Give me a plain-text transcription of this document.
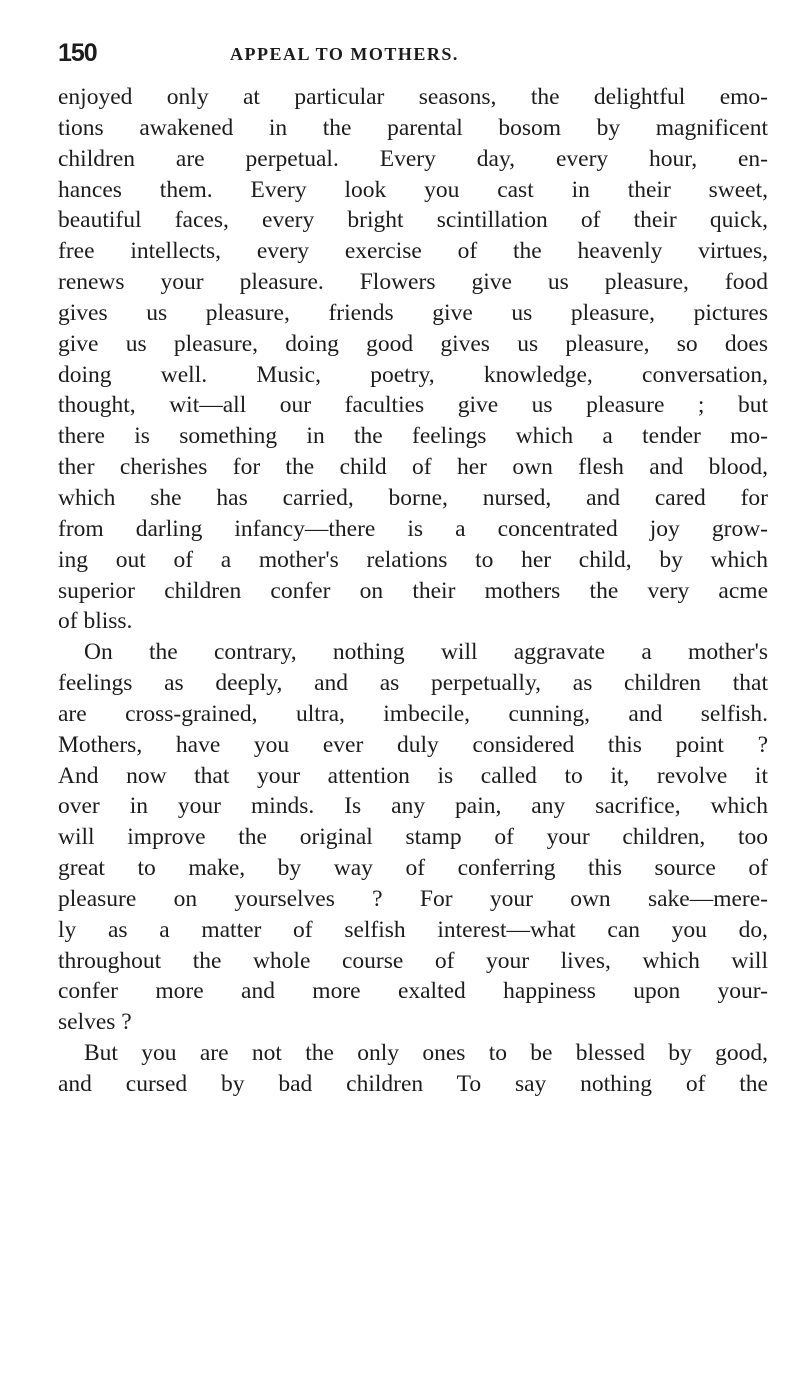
150	APPEAL TO MOTHERS.
enjoyed only at particular seasons, the delightful emo-
tions awakened in the parental bosom by magnificent
children are perpetual. Every day, every hour, en-
hances them. Every look you cast in their sweet,
beautiful faces, every bright scintillation of their quick,
free intellects, every exercise of the heavenly virtues,
renews your pleasure. Flowers give us pleasure, food
gives us pleasure, friends give us pleasure, pictures
give us pleasure, doing good gives us pleasure, so does
doing well. Music, poetry, knowledge, conversation,
thought, wit—all our faculties give us pleasure ; but
there is something in the feelings which a tender mo-
ther cherishes for the child of her own flesh and blood,
which she has carried, borne, nursed, and cared for
from darling infancy—there is a concentrated joy grow-
ing out of a mother's relations to her child, by which
superior children confer on their mothers the very acme
of bliss.
On the contrary, nothing will aggravate a mother's
feelings as deeply, and as perpetually, as children that
are cross-grained, ultra, imbecile, cunning, and selfish.
Mothers, have you ever duly considered this point ?
And now that your attention is called to it, revolve it
over in your minds. Is any pain, any sacrifice, which
will improve the original stamp of your children, too
great to make, by way of conferring this source of
pleasure on yourselves ? For your own sake—mere-
ly as a matter of selfish interest—what can you do,
throughout the whole course of your lives, which will
confer more and more exalted happiness upon your-
selves ?
But you are not the only ones to be blessed by good,
and cursed by bad children To say nothing of the
